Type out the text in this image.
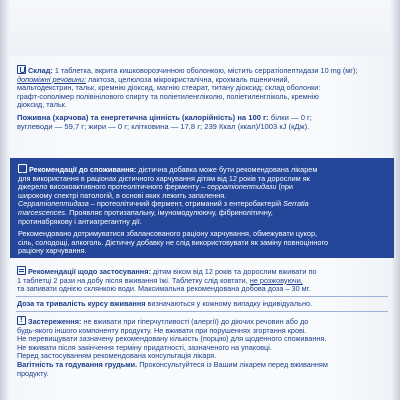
Склад: 1 таблетка, вкрита кишковорозчинною оболонкою, містить серратіопептидази 10 mg (мг);
допоміжні речовини: лактоза, целюлоза мікрокристалічна, крохмаль пшеничний,
мальтодекстрин, тальк, кремнію діоксид, магнію стеарат, титану діоксид; склад оболонки:
графт-сополімер полівінілового спирту та поліетиленгліколю, поліетиленгліколь, кремнію
діоксид, тальк.
Поживна (харчова) та енергетична цінність (калорійність) на 100 г: білки — 0 г;
вуглеводи — 59,7 г; жири — 0 г; клітковина — 17,8 г; 239 Ккал (ккал)/1003 кJ (кДж).
Рекомендації до споживання: дієтична добавка може бути рекомендована лікарем
для використання в раціонах дієтичного харчування дітям від 12 років та дорослим як
джерело високоактивного протеолітичного ферменту – серратіопептидази (при
широкому спектрі патологій, в основі яких лежить запалення.
Серратіопептидаза – протеолітичний фермент, отриманий з ентеробактерій Serratia
marcescences. Проявляє протизапальну, імуномодулюючу, фібринолітичну,
протинабрякову і антиагрегантну дії.
Рекомендовано дотримуватися збалансованого раціону харчування, обмежувати цукор,
сіль, солодощі, алкоголь. Дієтичну добавку не слід використовувати як заміну повноцінного
раціону харчування.
Рекомендації щодо застосування: дітям віком від 12 років та дорослим вживати по
1 таблетці 2 рази на добу після вживання їжі. Таблетку слід ковтати, не розжовуючи,
та запивати однією склянкою води. Максимальна рекомендована добова доза – 30 мг.
Доза та тривалість курсу вживання визначаються у кожному випадку індивідуально.
!Застереження: не вживати при гіперчутливості (алергії) до діючих речовин або до
будь-якого іншого компоненту продукту. Не вживати при порушеннях згортання крові.
Не перевищувати зазначену рекомендовану кількість (порцію) для щоденного споживання.
Не вживати після закінчення терміну придатності, зазначеного на упаковці.
Перед застосуванням рекомендована консультація лікаря.
Вагітність та годування грудьми. Проконсультуйтеся із Вашим лікарем перед вживанням
продукту.
